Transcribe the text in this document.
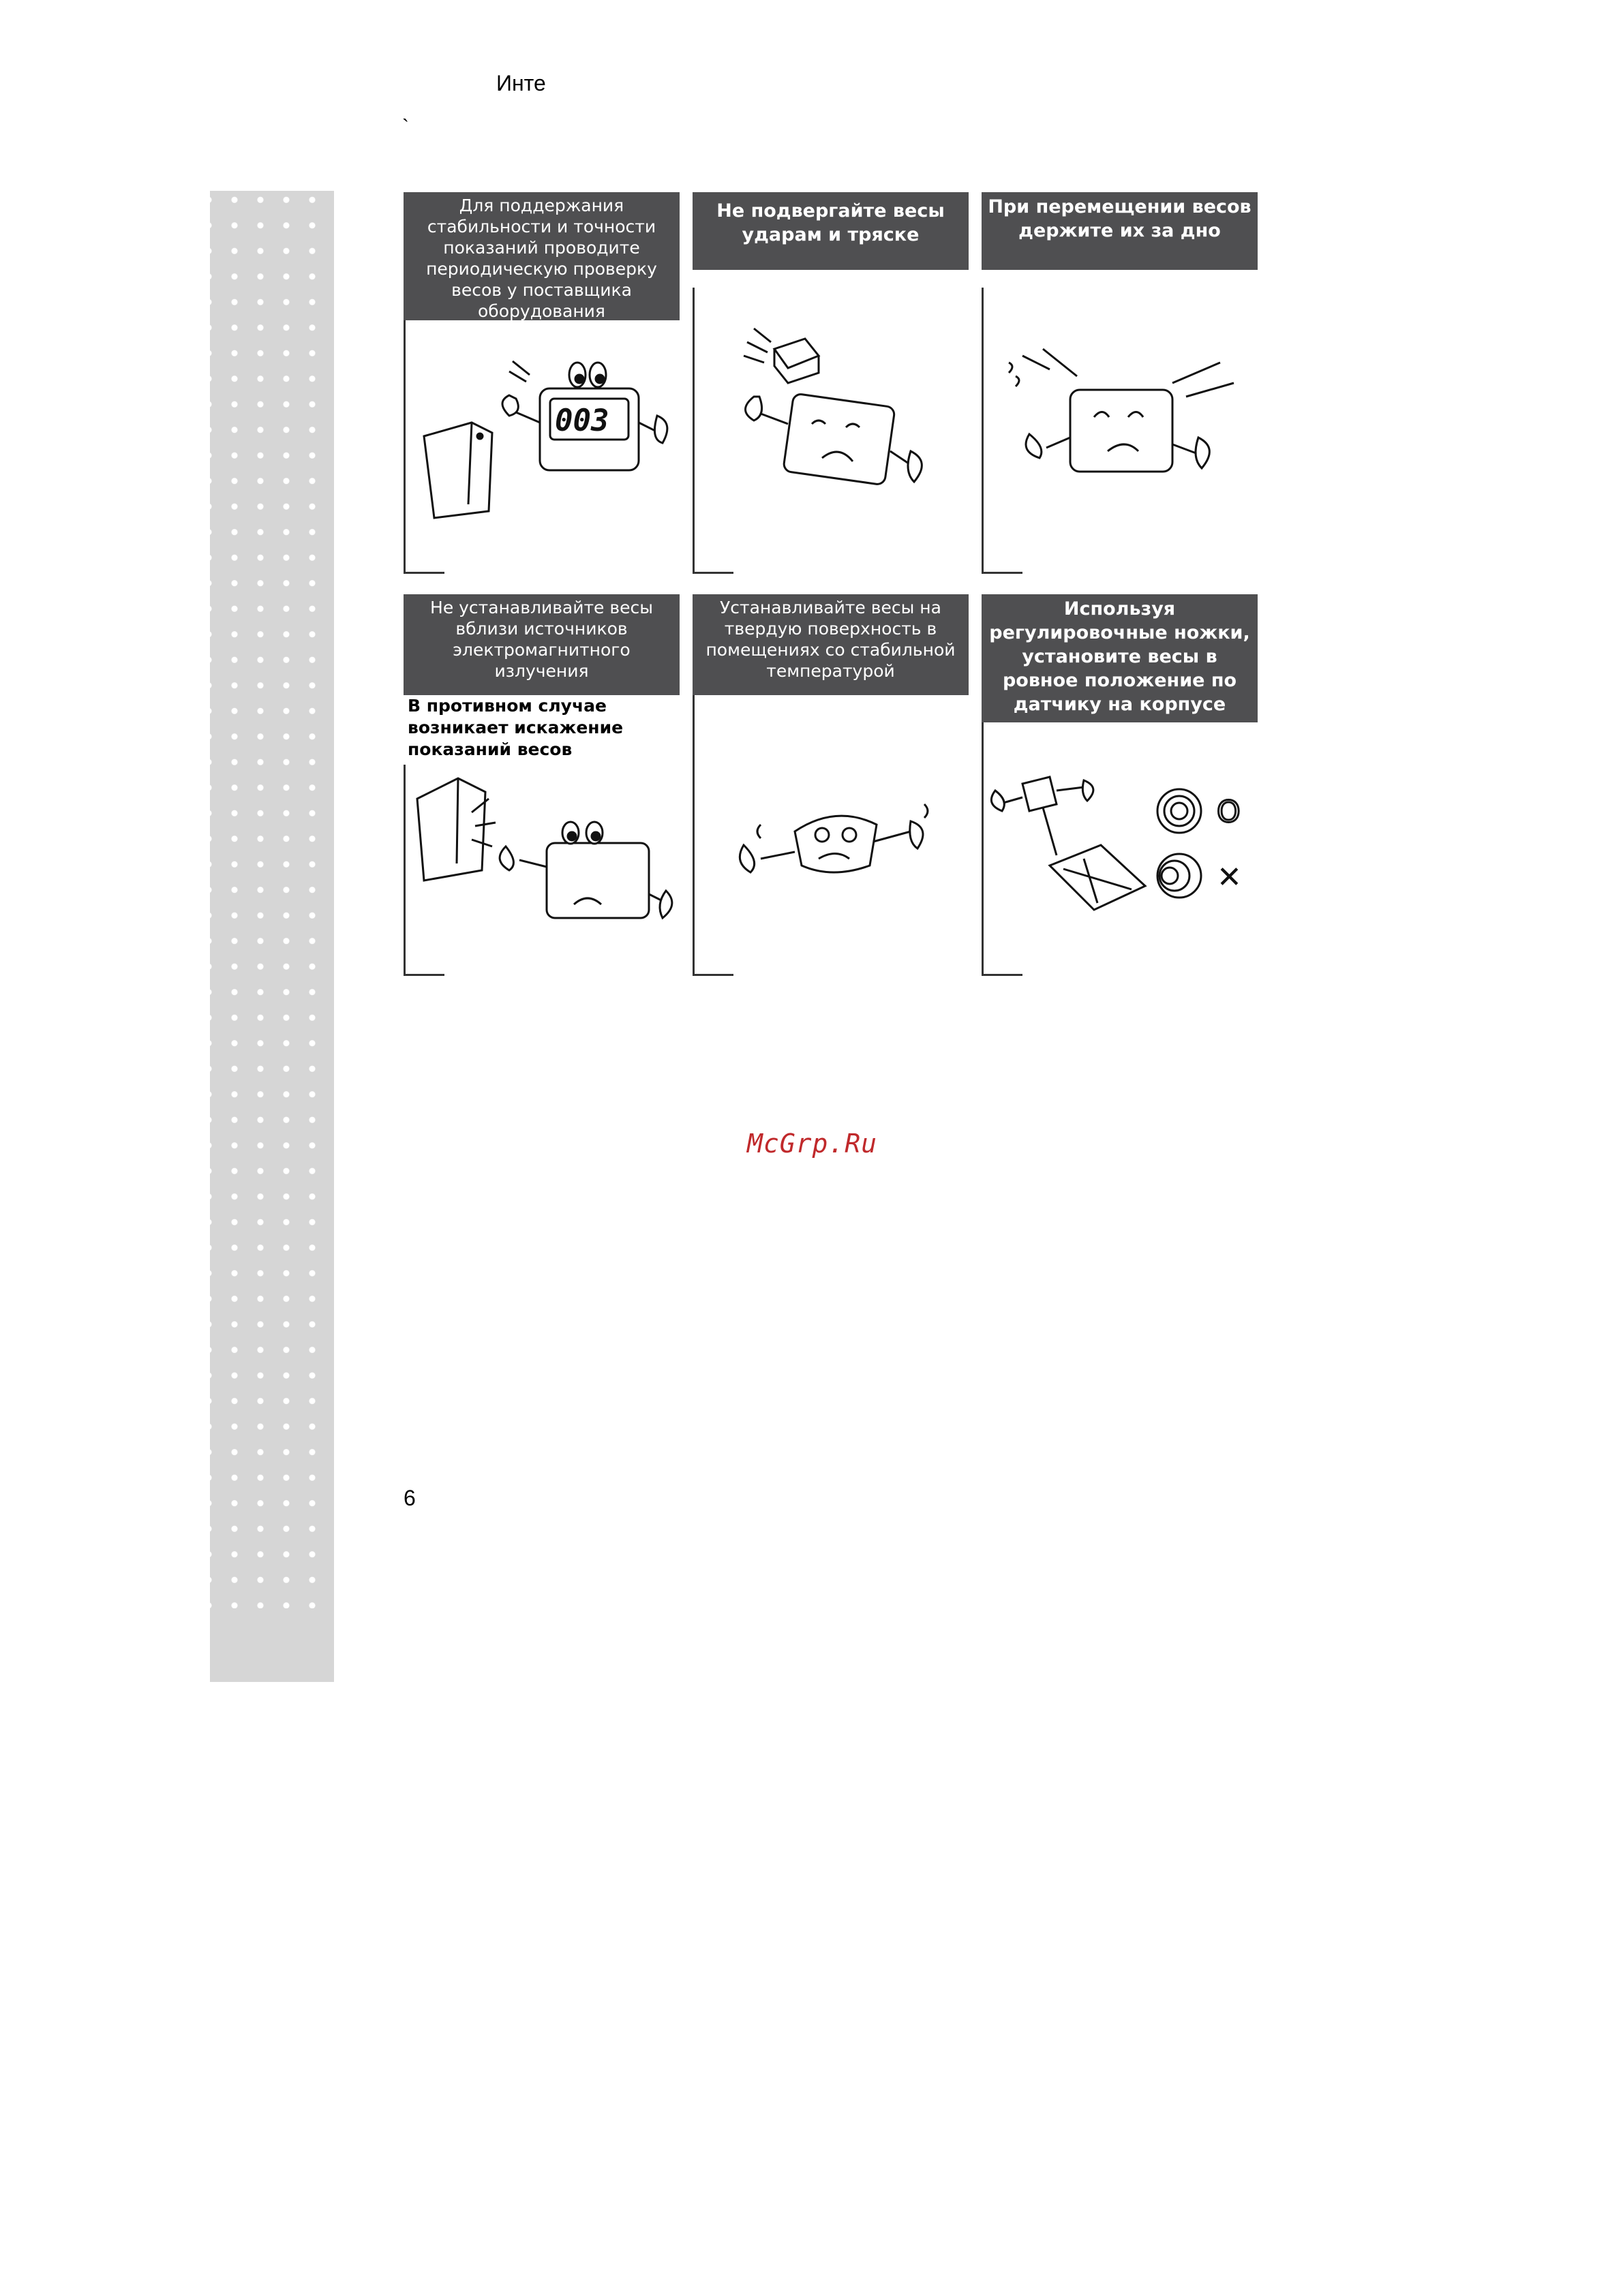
Инте
`
Для поддержания стабильности и точности показаний проводите периодическую проверку весов у поставщика оборудования
003
Не подвергайте весы ударам и тряске
При перемещении весов держите их за дно
Не устанавливайте весы вблизи источников электромагнитного излучения
В противном случае возникает искажение показаний весов
Устанавливайте весы на твердую поверхность в помещениях со стабильной температурой
Используя регулировочные ножки, установите весы в ровное положение по датчику на корпусе
O
✕
McGrp.Ru
6
